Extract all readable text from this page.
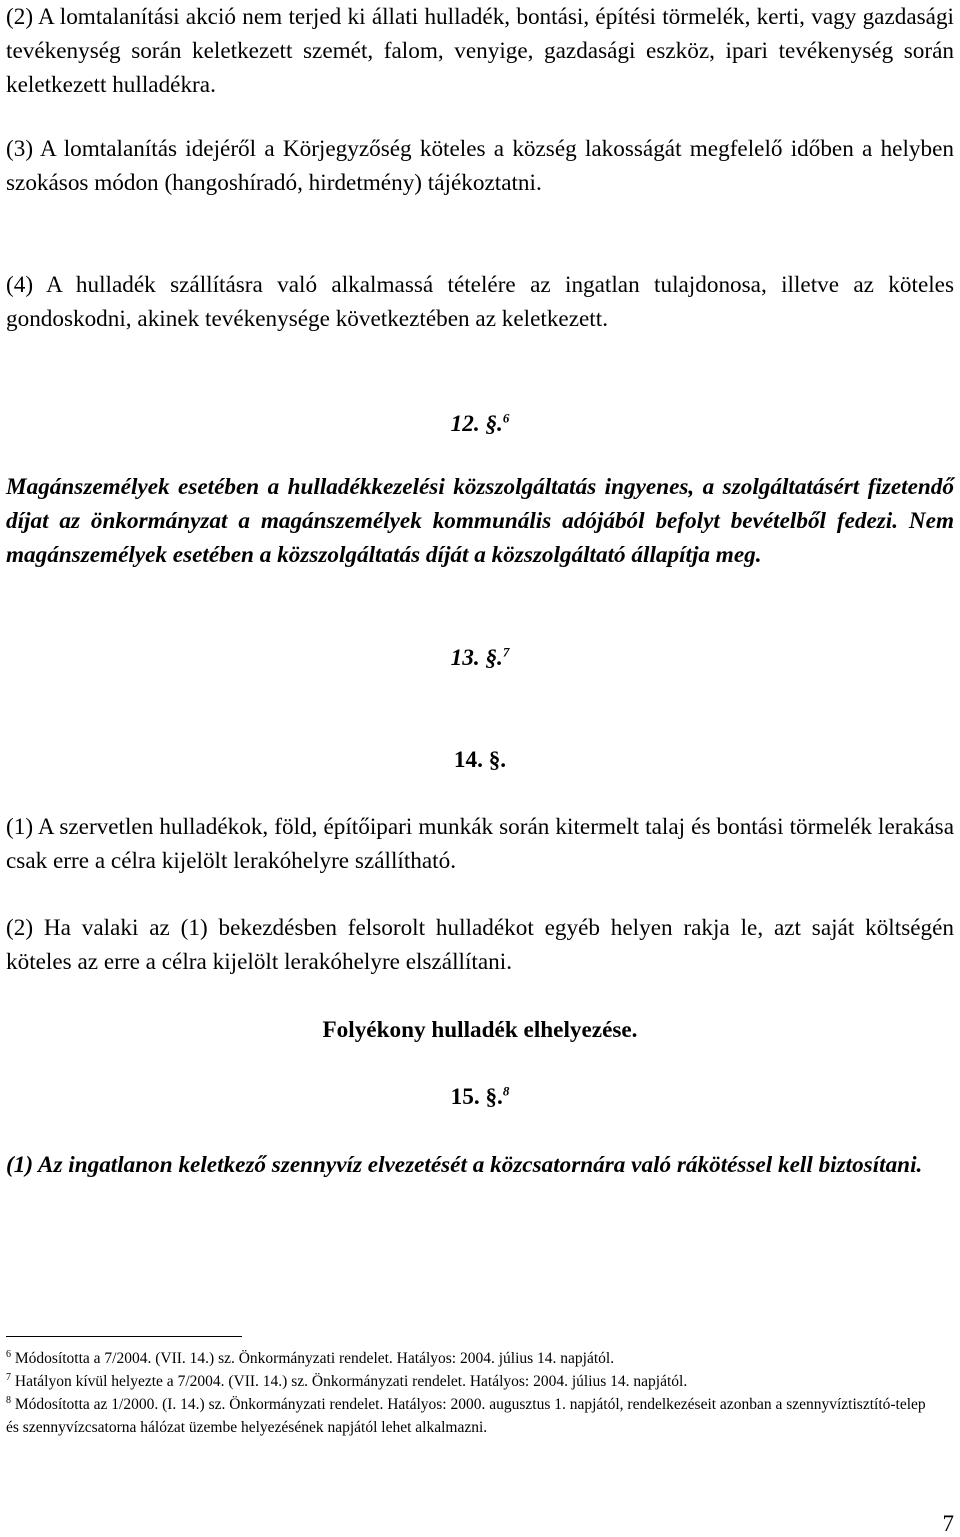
(2) A lomtalanítási akció nem terjed ki állati hulladék, bontási, építési törmelék, kerti, vagy gazdasági tevékenység során keletkezett szemét, falom, venyige, gazdasági eszköz, ipari tevékenység során keletkezett hulladékra.

(3) A lomtalanítás idejéről a Körjegyzőség köteles a község lakosságát megfelelő időben a helyben szokásos módon (hangoshíradó, hirdetmény) tájékoztatni.

(4) A hulladék szállításra való alkalmassá tételére az ingatlan tulajdonosa, illetve az köteles gondoskodni, akinek tevékenysége következtében az keletkezett.

12. §.$^6$

Magánszemélyek esetében a hulladékkezelési közszolgáltatás ingyenes, a szolgáltatásért fizetendő díjat az önkormányzat a magánszemélyek kommunális adójából befolyt bevételből fedezi. Nem magánszemélyek esetében a közszolgáltatás díját a közszolgáltató állapítja meg.

13. §.$^7$

14. §.

(1) A szervetlen hulladékok, föld, építőipari munkák során kitermelt talaj és bontási törmelék lerakása csak erre a célra kijelölt lerakóhelyre szállítható.

(2) Ha valaki az (1) bekezdésben felsorolt hulladékot egyéb helyen rakja le, azt saját költségén köteles az erre a célra kijelölt lerakóhelyre elszállítani.

Folyékony hulladék elhelyezése.

15. §.$^8$

(1) Az ingatlanon keletkező szennyvíz elvezetését a közcsatornára való rákötéssel kell biztosítani.

$^6$ Módosította a 7/2004. (VII. 14.) sz. Önkormányzati rendelet. Hatályos: 2004. július 14. napjától.

$^7$ Hatályon kívül helyezte a 7/2004. (VII. 14.) sz. Önkormányzati rendelet. Hatályos: 2004. július 14. napjától.

$^8$ Módosította az 1/2000. (I. 14.) sz. Önkormányzati rendelet. Hatályos: 2000. augusztus 1. napjától, rendelkezéseit azonban a szennyvíztisztító-telep és szennyvízcsatorna hálózat üzembe helyezésének napjától lehet alkalmazni.

7
